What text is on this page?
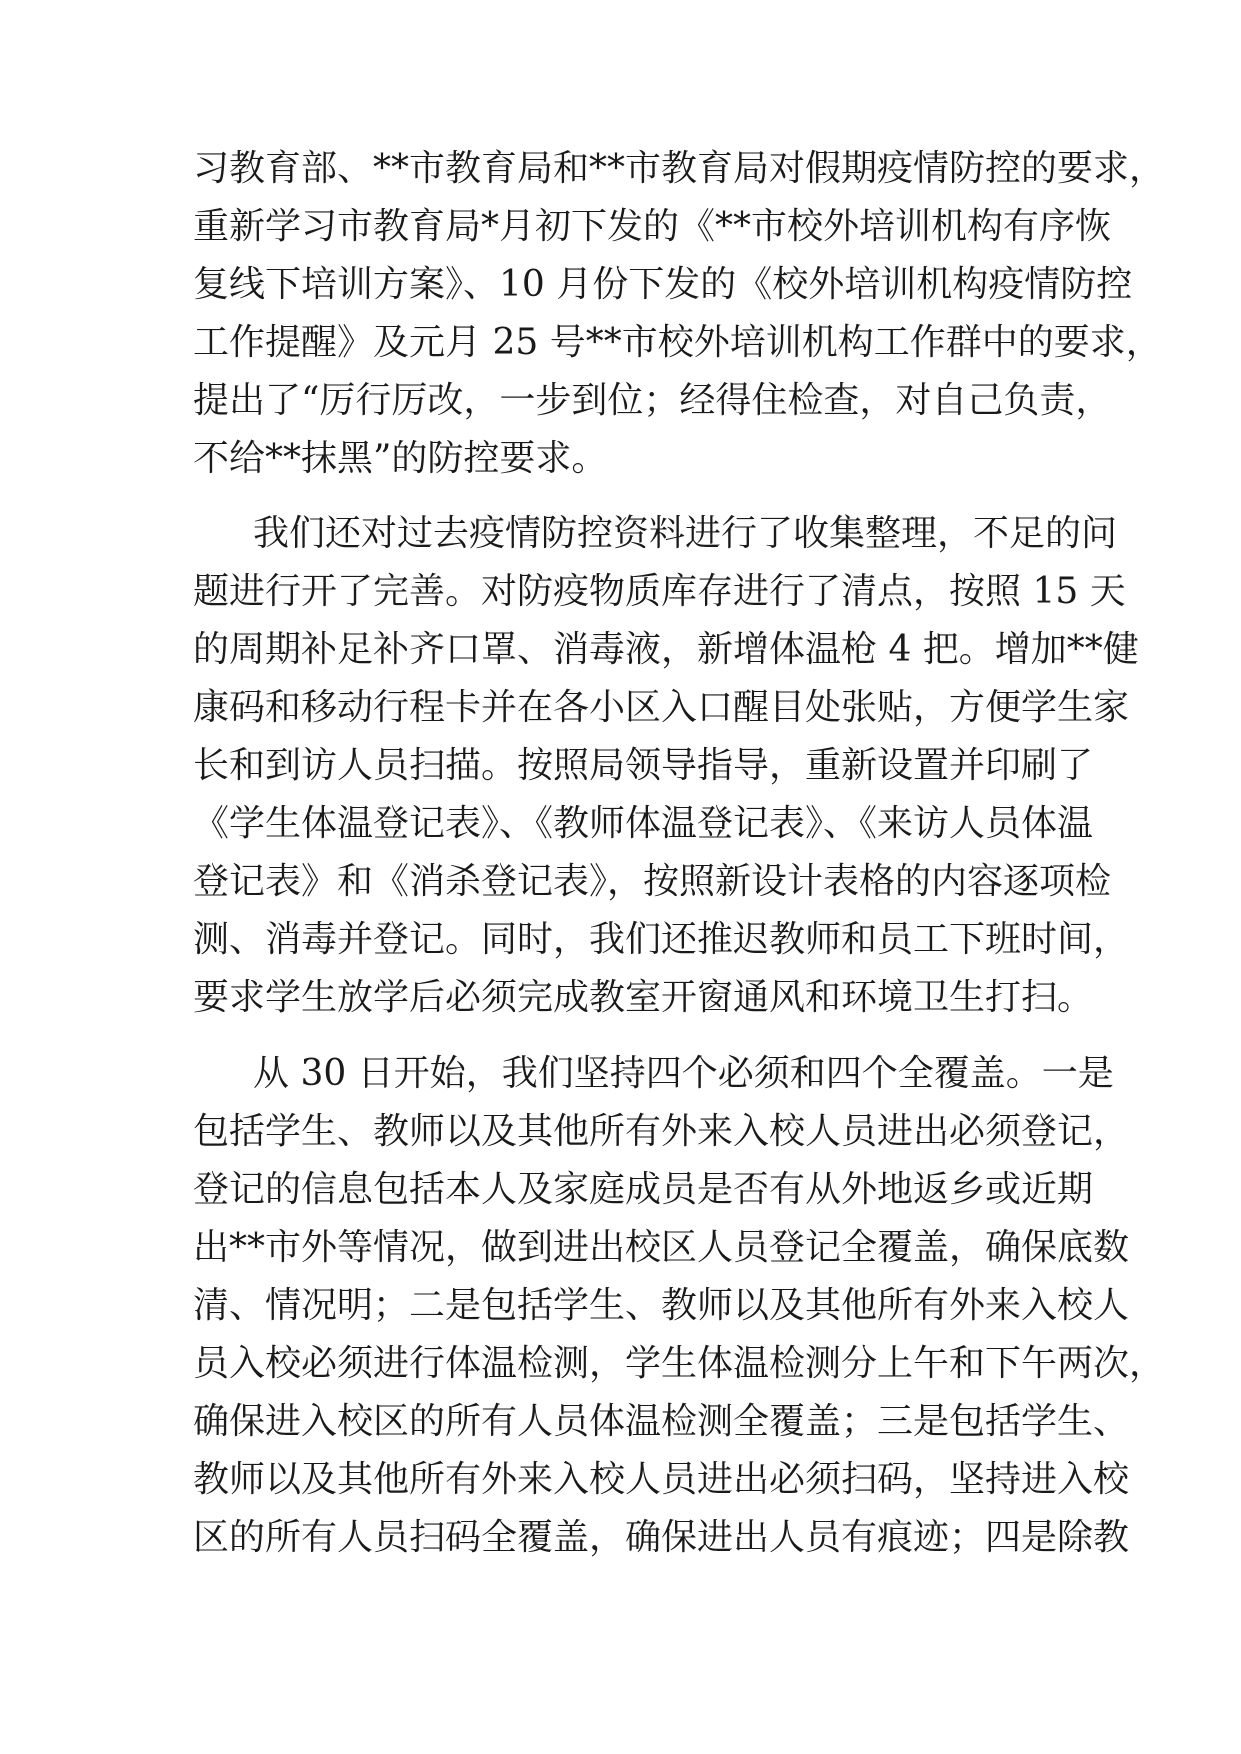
习教育部、**市教育局和**市教育局对假期疫情防控的要求，

重新学习市教育局*月初下发的《**市校外培训机构有序恢

复线下培训方案》、10 月份下发的《校外培训机构疫情防控

工作提醒》及元月 25 号**市校外培训机构工作群中的要求，

提出了“厉行厉改，一步到位；经得住检查，对自己负责，

不给**抹黑”的防控要求。

我们还对过去疫情防控资料进行了收集整理，不足的问

题进行开了完善。对防疫物质库存进行了清点，按照 15 天

的周期补足补齐口罩、消毒液，新增体温枪 4 把。增加**健

康码和移动行程卡并在各小区入口醒目处张贴，方便学生家

长和到访人员扫描。按照局领导指导，重新设置并印刷了

《学生体温登记表》、《教师体温登记表》、《来访人员体温

登记表》和《消杀登记表》，按照新设计表格的内容逐项检

测、消毒并登记。同时，我们还推迟教师和员工下班时间，

要求学生放学后必须完成教室开窗通风和环境卫生打扫。

从 30 日开始，我们坚持四个必须和四个全覆盖。一是

包括学生、教师以及其他所有外来入校人员进出必须登记，

登记的信息包括本人及家庭成员是否有从外地返乡或近期

出**市外等情况，做到进出校区人员登记全覆盖，确保底数

清、情况明；二是包括学生、教师以及其他所有外来入校人

员入校必须进行体温检测，学生体温检测分上午和下午两次，

确保进入校区的所有人员体温检测全覆盖；三是包括学生、

教师以及其他所有外来入校人员进出必须扫码，坚持进入校

区的所有人员扫码全覆盖，确保进出人员有痕迹；四是除教
